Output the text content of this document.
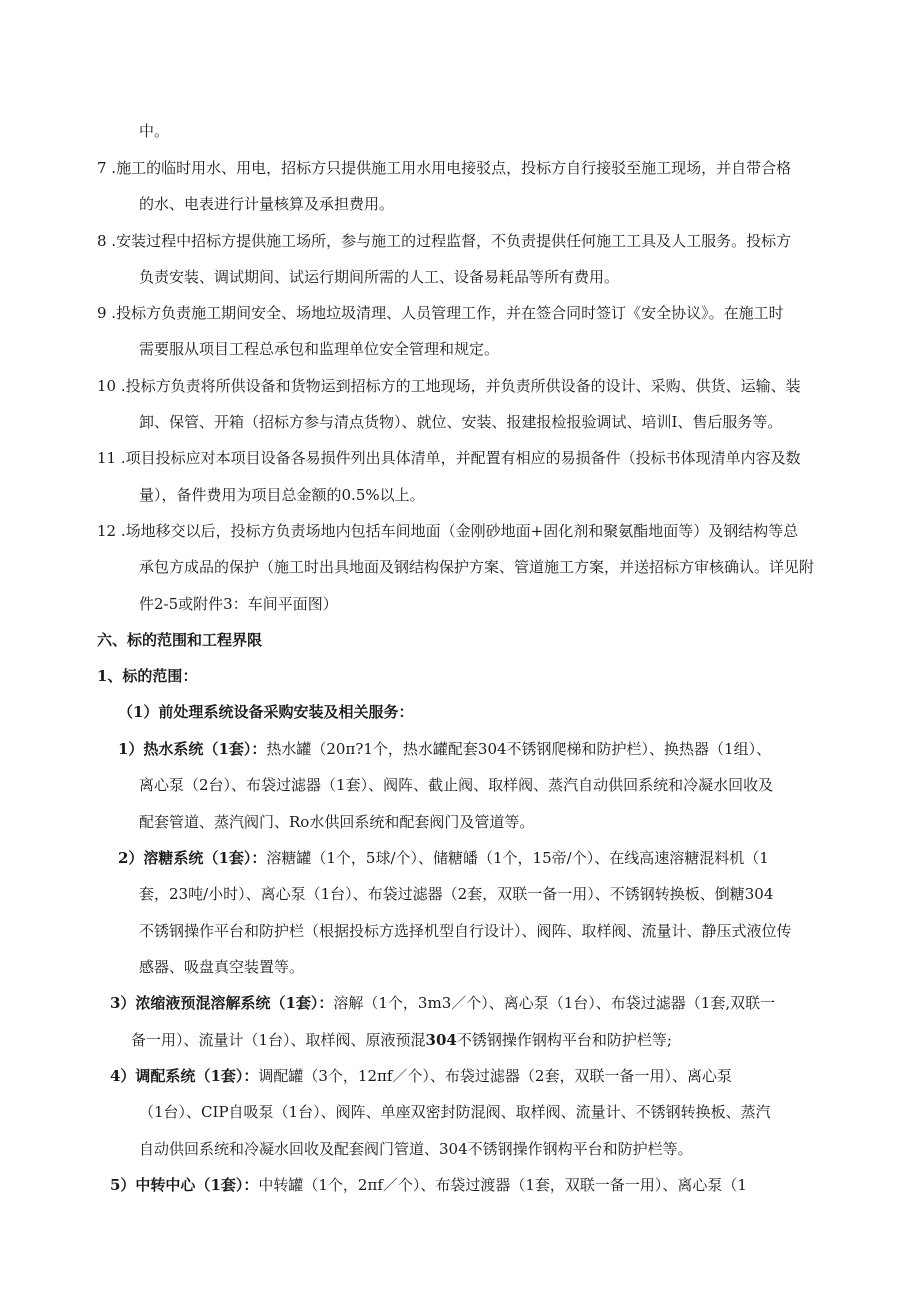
中。
7 .施工的临时用水、用电，招标方只提供施工用水用电接驳点，投标方自行接驳至施工现场，并自带合格
的水、电表进行计量核算及承担费用。
8 .安装过程中招标方提供施工场所，参与施工的过程监督，不负责提供任何施工工具及人工服务。投标方
负责安装、调试期间、试运行期间所需的人工、设备易耗品等所有费用。
9 .投标方负责施工期间安全、场地垃圾清理、人员管理工作，并在签合同时签订《安全协议》。在施工时
需要服从项目工程总承包和监理单位安全管理和规定。
10 .投标方负责将所供设备和货物运到招标方的工地现场，并负责所供设备的设计、采购、供货、运输、装
卸、保管、开箱（招标方参与清点货物）、就位、安装、报建报检报验调试、培训I、售后服务等。
11 .项目投标应对本项目设备各易损件列出具体清单，并配置有相应的易损备件（投标书体现清单内容及数
量），备件费用为项目总金额的0.5%以上。
12 .场地移交以后，投标方负责场地内包括车间地面（金刚砂地面+固化剂和聚氨酯地面等）及钢结构等总
承包方成品的保护（施工时出具地面及钢结构保护方案、管道施工方案，并送招标方审核确认。详见附
件2-5或附件3：车间平面图）
六、标的范围和工程界限
1、标的范围：
（1）前处理系统设备采购安装及相关服务：
1）热水系统（1套）：热水罐（20π?1个，热水罐配套304不锈钢爬梯和防护栏）、换热器（1组）、
离心泵（2台）、布袋过滤器（1套）、阀阵、截止阀、取样阀、蒸汽自动供回系统和冷凝水回收及
配套管道、蒸汽阀门、Ro水供回系统和配套阀门及管道等。
2）溶糖系统（1套）：溶糖罐（1个，5球/个）、储糖皤（1个，15帝/个）、在线高速溶糖混料机（1
套，23吨/小时）、离心泵（1台）、布袋过滤器（2套，双联一备一用）、不锈钢转换板、倒糖304
不锈钢操作平台和防护栏（根据投标方选择机型自行设计）、阀阵、取样阀、流量计、静压式液位传
感器、吸盘真空装置等。
3）浓缩液预混溶解系统（1套）：溶解（1个，3m3／个）、离心泵（1台）、布袋过滤器（1套,双联一
备一用）、流量计（1台）、取样阀、原液预混304不锈钢操作钢构平台和防护栏等;
4）调配系统（1套）：调配罐（3个，12πf／个）、布袋过滤器（2套，双联一备一用）、离心泵
（1台）、CIP自吸泵（1台）、阀阵、单座双密封防混阀、取样阀、流量计、不锈钢转换板、蒸汽
自动供回系统和冷凝水回收及配套阀门管道、304不锈钢操作钢构平台和防护栏等。
5）中转中心（1套）：中转罐（1个，2πf／个）、布袋过渡器（1套，双联一备一用）、离心泵（1
